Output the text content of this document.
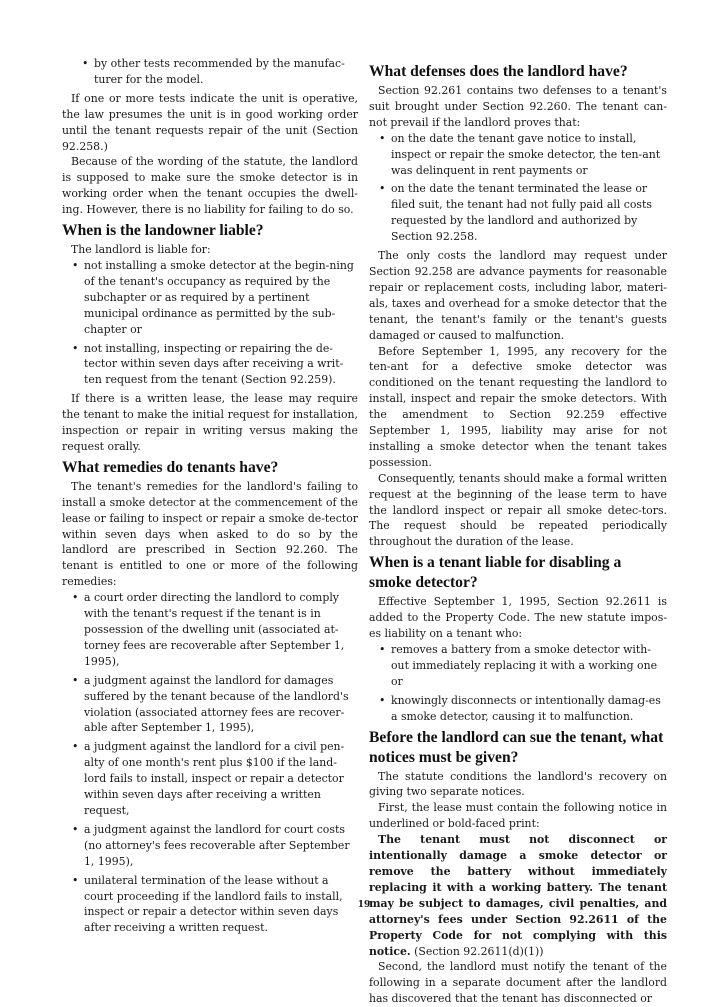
• by other tests recommended by the manufac-turer for the model.

If one or more tests indicate the unit is operative, the law presumes the unit is in good working order until the tenant requests repair of the unit (Section 92.258.)

Because of the wording of the statute, the landlord is supposed to make sure the smoke detector is in working order when the tenant occupies the dwell-ing. However, there is no liability for failing to do so.

When is the landowner liable?

The landlord is liable for:

• not installing a smoke detector at the begin-ning of the tenant's occupancy as required by the subchapter or as required by a pertinent municipal ordinance as permitted by the sub-chapter or
• not installing, inspecting or repairing the de-tector within seven days after receiving a writ-ten request from the tenant (Section 92.259).

If there is a written lease, the lease may require the tenant to make the initial request for installation, inspection or repair in writing versus making the request orally.

What remedies do tenants have?

The tenant's remedies for the landlord's failing to install a smoke detector at the commencement of the lease or failing to inspect or repair a smoke de-tector within seven days when asked to do so by the landlord are prescribed in Section 92.260. The tenant is entitled to one or more of the following remedies:

• a court order directing the landlord to comply with the tenant's request if the tenant is in possession of the dwelling unit (associated at-torney fees are recoverable after September 1, 1995),
• a judgment against the landlord for damages suffered by the tenant because of the landlord's violation (associated attorney fees are recover-able after September 1, 1995),
• a judgment against the landlord for a civil pen-alty of one month's rent plus $100 if the land-lord fails to install, inspect or repair a detector within seven days after receiving a written request,
• a judgment against the landlord for court costs (no attorney's fees recoverable after September 1, 1995),
• unilateral termination of the lease without a court proceeding if the landlord fails to install, inspect or repair a detector within seven days after receiving a written request.
What defenses does the landlord have?

Section 92.261 contains two defenses to a tenant's suit brought under Section 92.260. The tenant can-not prevail if the landlord proves that:

• on the date the tenant gave notice to install, inspect or repair the smoke detector, the ten-ant was delinquent in rent payments or
• on the date the tenant terminated the lease or filed suit, the tenant had not fully paid all costs requested by the landlord and authorized by Section 92.258.

The only costs the landlord may request under Section 92.258 are advance payments for reasonable repair or replacement costs, including labor, materi-als, taxes and overhead for a smoke detector that the tenant, the tenant's family or the tenant's guests damaged or caused to malfunction.

Before September 1, 1995, any recovery for the ten-ant for a defective smoke detector was conditioned on the tenant requesting the landlord to install, inspect and repair the smoke detectors. With the amendment to Section 92.259 effective September 1, 1995, liability may arise for not installing a smoke detector when the tenant takes possession.

Consequently, tenants should make a formal written request at the beginning of the lease term to have the landlord inspect or repair all smoke detec-tors. The request should be repeated periodically throughout the duration of the lease.

When is a tenant liable for disabling a smoke detector?

Effective September 1, 1995, Section 92.2611 is added to the Property Code. The new statute impos-es liability on a tenant who:

• removes a battery from a smoke detector with-out immediately replacing it with a working one or
• knowingly disconnects or intentionally damag-es a smoke detector, causing it to malfunction.
Before the landlord can sue the tenant, what notices must be given?

The statute conditions the landlord's recovery on giving two separate notices.

First, the lease must contain the following notice in underlined or bold-faced print:

The tenant must not disconnect or intentionally damage a smoke detector or remove the battery without immediately replacing it with a working battery. The tenant may be subject to damages, civil penalties, and attorney's fees under Section 92.2611 of the Property Code for not complying with this notice. (Section 92.2611(d)(1))

Second, the landlord must notify the tenant of the following in a separate document after the landlord has discovered that the tenant has disconnected or

19
